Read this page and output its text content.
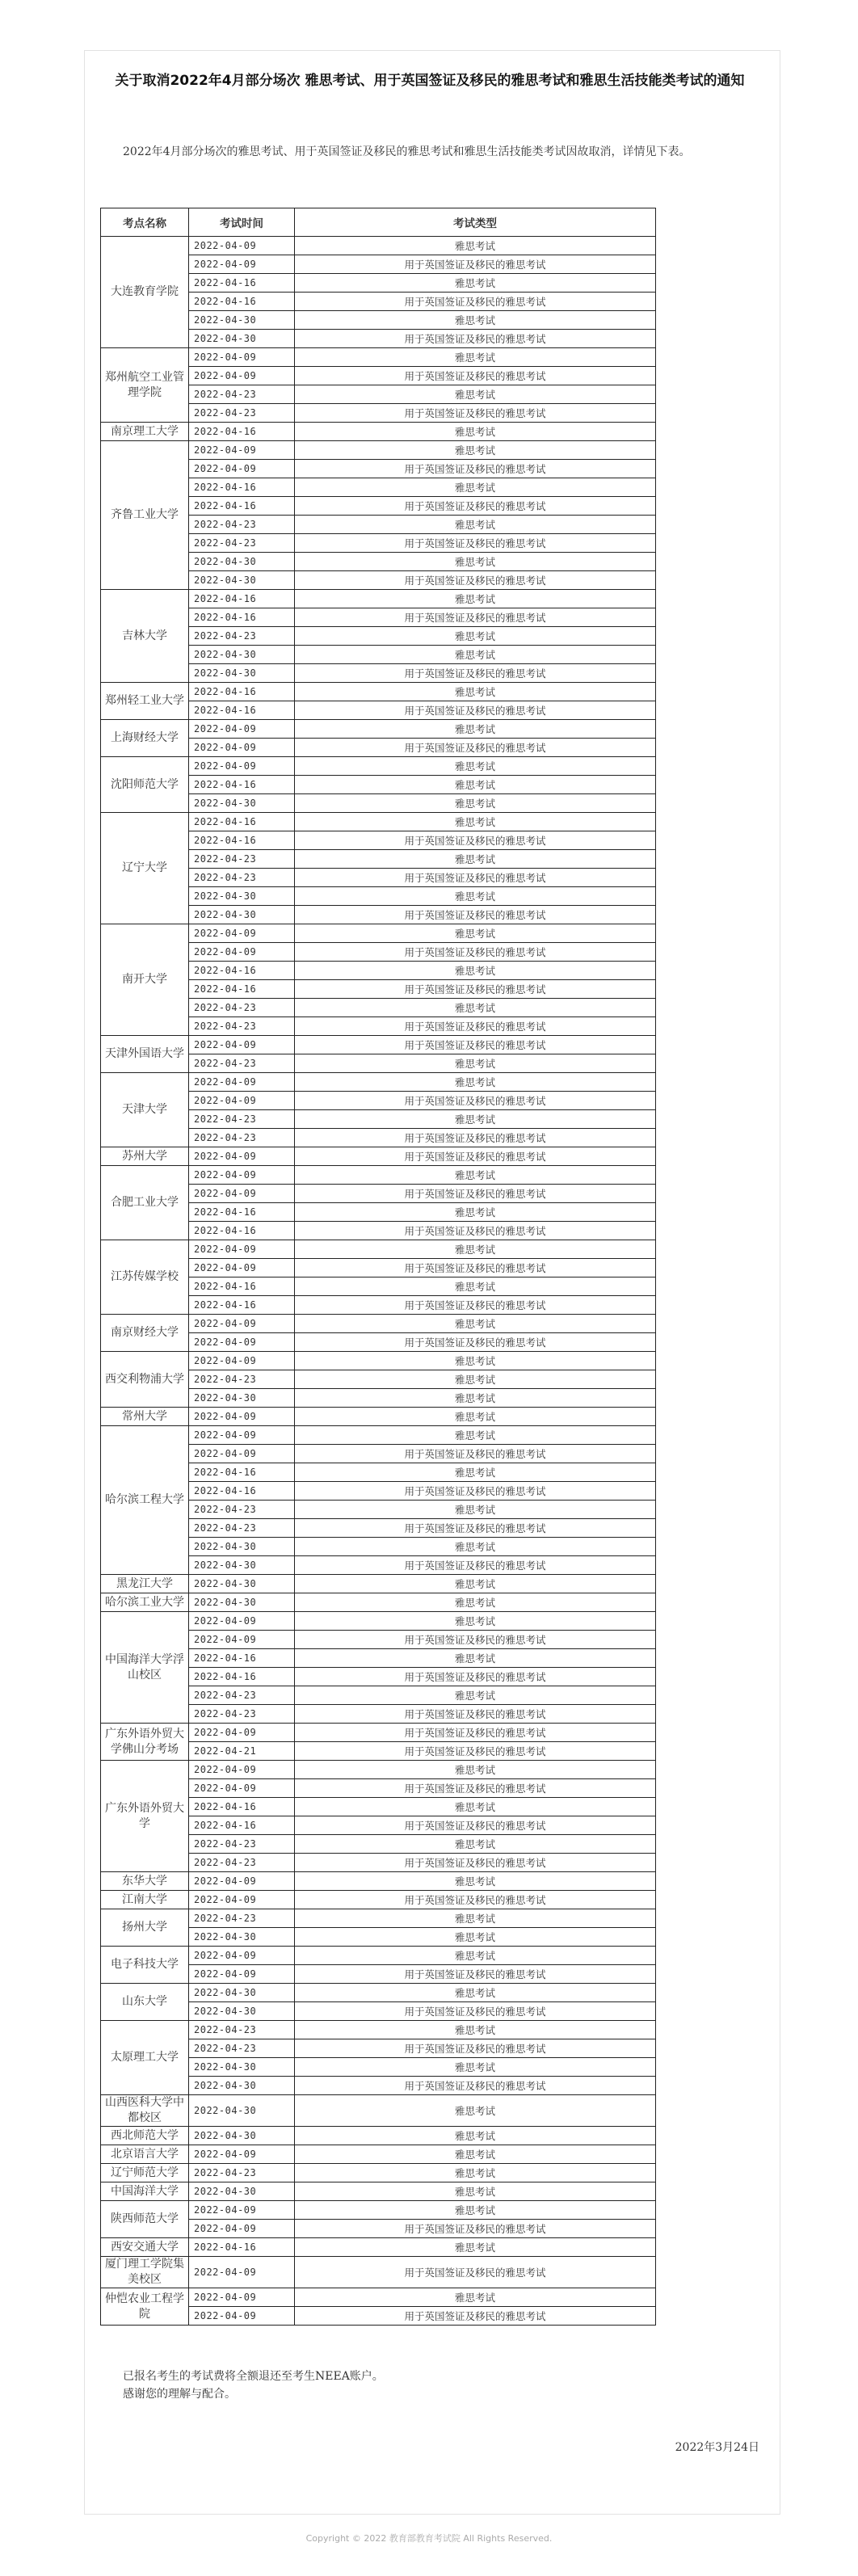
关于取消2022年4月部分场次 雅思考试、用于英国签证及移民的雅思考试和雅思生活技能类考试的通知

2022年4月部分场次的雅思考试、用于英国签证及移民的雅思考试和雅思生活技能类考试因故取消，详情见下表。

考点名称	考试时间	考试类型
大连教育学院	2022-04-09	雅思考试
	2022-04-09	用于英国签证及移民的雅思考试
	2022-04-16	雅思考试
	2022-04-16	用于英国签证及移民的雅思考试
	2022-04-30	雅思考试
	2022-04-30	用于英国签证及移民的雅思考试
郑州航空工业管理学院	2022-04-09	雅思考试
	2022-04-09	用于英国签证及移民的雅思考试
	2022-04-23	雅思考试
	2022-04-23	用于英国签证及移民的雅思考试
南京理工大学	2022-04-16	雅思考试
齐鲁工业大学	2022-04-09	雅思考试
	2022-04-09	用于英国签证及移民的雅思考试
	2022-04-16	雅思考试
	2022-04-16	用于英国签证及移民的雅思考试
	2022-04-23	雅思考试
	2022-04-23	用于英国签证及移民的雅思考试
	2022-04-30	雅思考试
	2022-04-30	用于英国签证及移民的雅思考试
吉林大学	2022-04-16	雅思考试
	2022-04-16	用于英国签证及移民的雅思考试
	2022-04-23	雅思考试
	2022-04-30	雅思考试
	2022-04-30	用于英国签证及移民的雅思考试
郑州轻工业大学	2022-04-16	雅思考试
	2022-04-16	用于英国签证及移民的雅思考试
上海财经大学	2022-04-09	雅思考试
	2022-04-09	用于英国签证及移民的雅思考试
沈阳师范大学	2022-04-09	雅思考试
	2022-04-16	雅思考试
	2022-04-30	雅思考试
辽宁大学	2022-04-16	雅思考试
	2022-04-16	用于英国签证及移民的雅思考试
	2022-04-23	雅思考试
	2022-04-23	用于英国签证及移民的雅思考试
	2022-04-30	雅思考试
	2022-04-30	用于英国签证及移民的雅思考试
南开大学	2022-04-09	雅思考试
	2022-04-09	用于英国签证及移民的雅思考试
	2022-04-16	雅思考试
	2022-04-16	用于英国签证及移民的雅思考试
	2022-04-23	雅思考试
	2022-04-23	用于英国签证及移民的雅思考试
天津外国语大学	2022-04-09	用于英国签证及移民的雅思考试
	2022-04-23	雅思考试
天津大学	2022-04-09	雅思考试
	2022-04-09	用于英国签证及移民的雅思考试
	2022-04-23	雅思考试
	2022-04-23	用于英国签证及移民的雅思考试
苏州大学	2022-04-09	用于英国签证及移民的雅思考试
合肥工业大学	2022-04-09	雅思考试
	2022-04-09	用于英国签证及移民的雅思考试
	2022-04-16	雅思考试
	2022-04-16	用于英国签证及移民的雅思考试
江苏传媒学校	2022-04-09	雅思考试
	2022-04-09	用于英国签证及移民的雅思考试
	2022-04-16	雅思考试
	2022-04-16	用于英国签证及移民的雅思考试
南京财经大学	2022-04-09	雅思考试
	2022-04-09	用于英国签证及移民的雅思考试
西交利物浦大学	2022-04-09	雅思考试
	2022-04-23	雅思考试
	2022-04-30	雅思考试
常州大学	2022-04-09	雅思考试
哈尔滨工程大学	2022-04-09	雅思考试
	2022-04-09	用于英国签证及移民的雅思考试
	2022-04-16	雅思考试
	2022-04-16	用于英国签证及移民的雅思考试
	2022-04-23	雅思考试
	2022-04-23	用于英国签证及移民的雅思考试
	2022-04-30	雅思考试
	2022-04-30	用于英国签证及移民的雅思考试
黑龙江大学	2022-04-30	雅思考试
哈尔滨工业大学	2022-04-30	雅思考试
中国海洋大学浮山校区	2022-04-09	雅思考试
	2022-04-09	用于英国签证及移民的雅思考试
	2022-04-16	雅思考试
	2022-04-16	用于英国签证及移民的雅思考试
	2022-04-23	雅思考试
	2022-04-23	用于英国签证及移民的雅思考试
广东外语外贸大学佛山分考场	2022-04-09	用于英国签证及移民的雅思考试
	2022-04-21	用于英国签证及移民的雅思考试
广东外语外贸大学	2022-04-09	雅思考试
	2022-04-09	用于英国签证及移民的雅思考试
	2022-04-16	雅思考试
	2022-04-16	用于英国签证及移民的雅思考试
	2022-04-23	雅思考试
	2022-04-23	用于英国签证及移民的雅思考试
东华大学	2022-04-09	雅思考试
江南大学	2022-04-09	用于英国签证及移民的雅思考试
扬州大学	2022-04-23	雅思考试
	2022-04-30	雅思考试
电子科技大学	2022-04-09	雅思考试
	2022-04-09	用于英国签证及移民的雅思考试
山东大学	2022-04-30	雅思考试
	2022-04-30	用于英国签证及移民的雅思考试
太原理工大学	2022-04-23	雅思考试
	2022-04-23	用于英国签证及移民的雅思考试
	2022-04-30	雅思考试
	2022-04-30	用于英国签证及移民的雅思考试
山西医科大学中都校区	2022-04-30	雅思考试
西北师范大学	2022-04-30	雅思考试
北京语言大学	2022-04-09	雅思考试
辽宁师范大学	2022-04-23	雅思考试
中国海洋大学	2022-04-30	雅思考试
陕西师范大学	2022-04-09	雅思考试
	2022-04-09	用于英国签证及移民的雅思考试
西安交通大学	2022-04-16	雅思考试
厦门理工学院集美校区	2022-04-09	用于英国签证及移民的雅思考试
仲恺农业工程学院	2022-04-09	雅思考试
	2022-04-09	用于英国签证及移民的雅思考试

已报名考生的考试费将全额退还至考生NEEA账户。

感谢您的理解与配合。

2022年3月24日
Copyright © 2022 教育部教育考试院 All Rights Reserved.
